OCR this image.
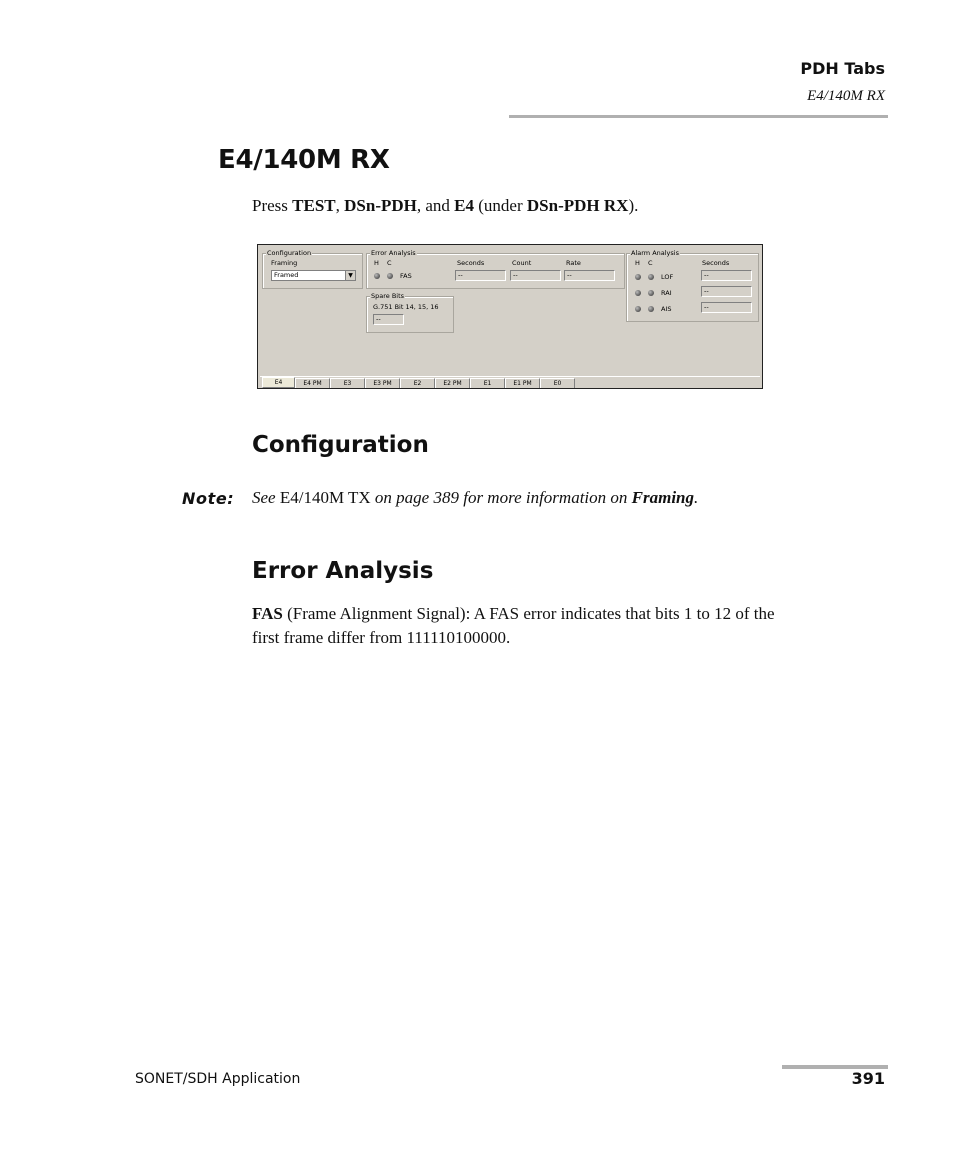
PDH Tabs
E4/140M RX
E4/140M RX
Press TEST, DSn-PDH, and E4 (under DSn-PDH RX).
Configuration
Framing
Framed	▼
Error Analysis
H C	Seconds	Count	Rate
FAS	--	--	--
Spare Bits
G.751 Bit 14, 15, 16
--
Alarm Analysis
H C	Seconds
LOF	--
RAI	--
AIS	--
E4	E4 PM	E3	E3 PM	E2	E2 PM	E1	E1 PM	E0
Configuration
Note: See E4/140M TX on page 389 for more information on Framing.
Error Analysis
FAS (Frame Alignment Signal): A FAS error indicates that bits 1 to 12 of the
first frame differ from 111110100000.
SONET/SDH Application	391
